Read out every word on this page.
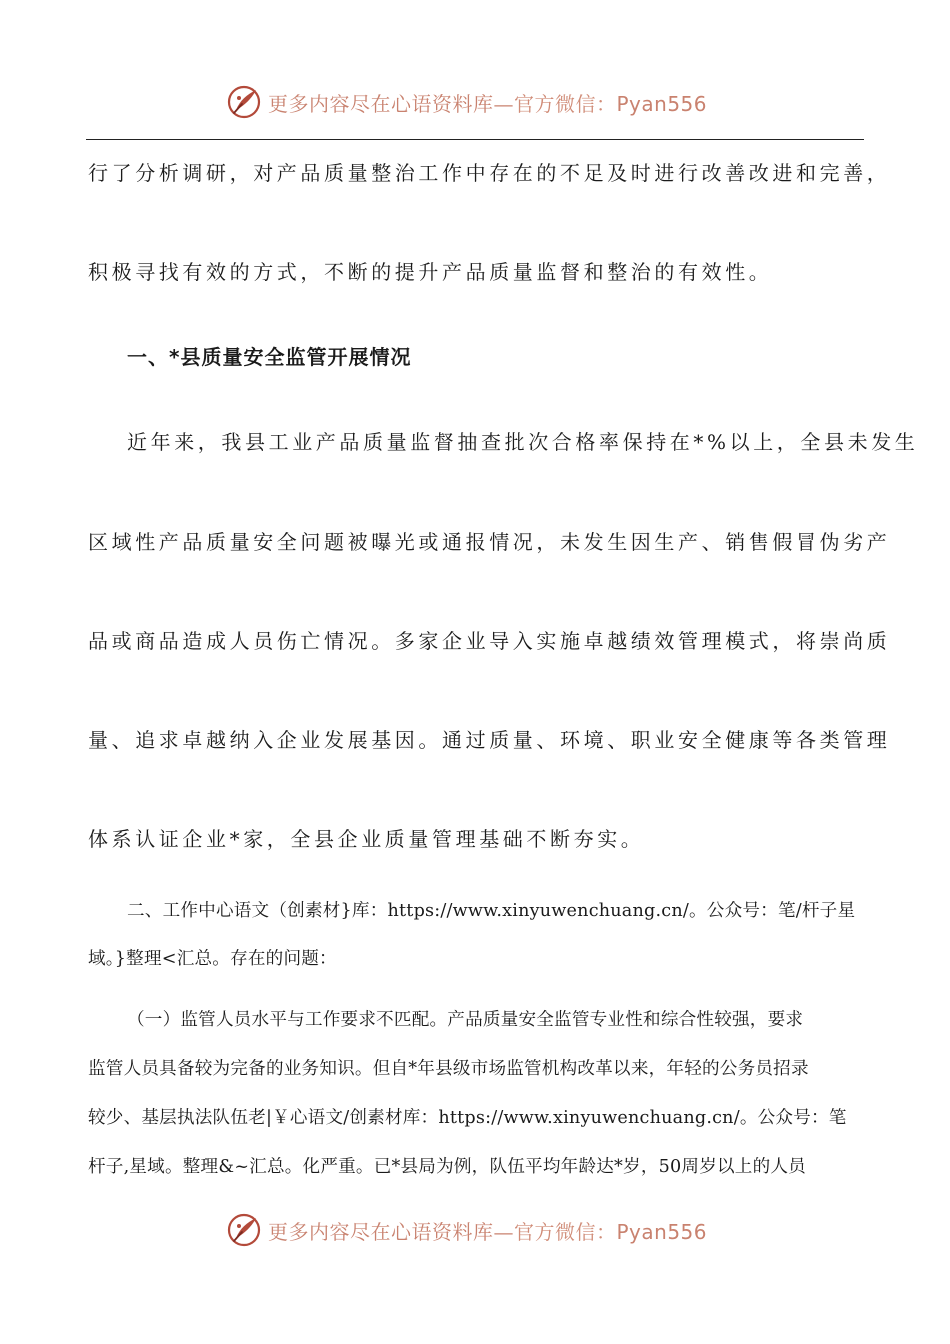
更多内容尽在心语资料库—官方微信：Pyan556
行了分析调研，对产品质量整治工作中存在的不足及时进行改善改进和完善，
积极寻找有效的方式，不断的提升产品质量监督和整治的有效性。
一、*县质量安全监管开展情况
近年来，我县工业产品质量监督抽查批次合格率保持在*%以上，全县未发生
区域性产品质量安全问题被曝光或通报情况，未发生因生产、销售假冒伪劣产
品或商品造成人员伤亡情况。多家企业导入实施卓越绩效管理模式，将崇尚质
量、追求卓越纳入企业发展基因。通过质量、环境、职业安全健康等各类管理
体系认证企业*家，全县企业质量管理基础不断夯实。
二、工作中心语文（创素材}库：https://www.xinyuwenchuang.cn/。公众号：笔/杆子星
域。}整理<汇总。存在的问题：
（一）监管人员水平与工作要求不匹配。产品质量安全监管专业性和综合性较强，要求
监管人员具备较为完备的业务知识。但自*年县级市场监管机构改革以来，年轻的公务员招录
较少、基层执法队伍老|￥心语文/创素材库：https://www.xinyuwenchuang.cn/。公众号：笔
杆子,星域。整理&~汇总。化严重。已*县局为例，队伍平均年龄达*岁，50周岁以上的人员
更多内容尽在心语资料库—官方微信：Pyan556
